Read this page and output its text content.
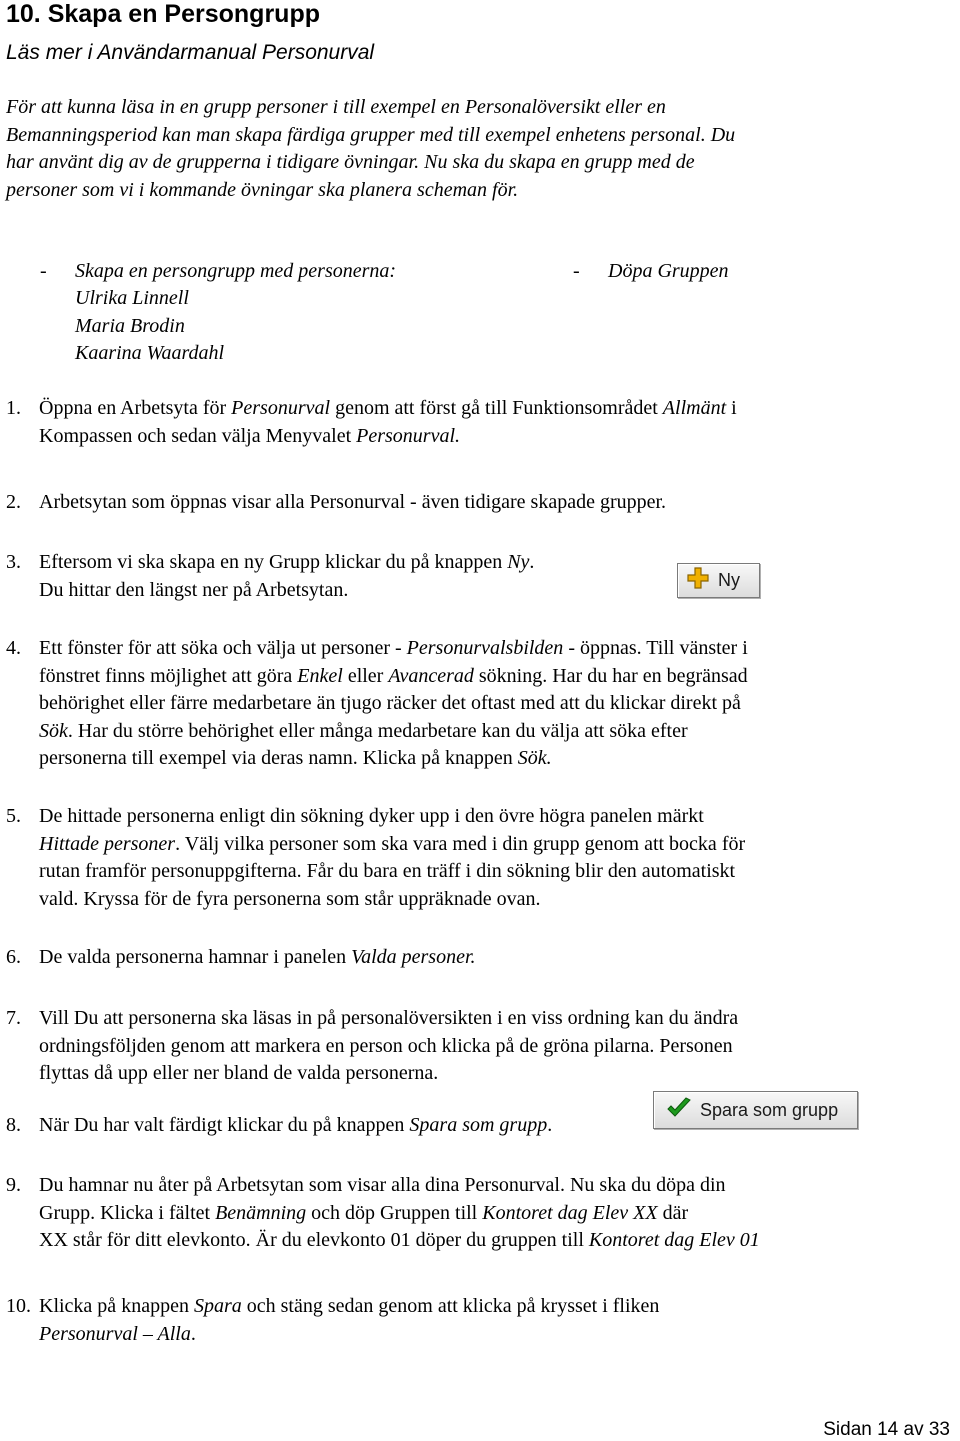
10. Skapa en Persongrupp
Läs mer i Användarmanual Personurval
För att kunna läsa in en grupp personer i till exempel en Personalöversikt eller en
Bemanningsperiod kan man skapa färdiga grupper med till exempel enhetens personal. Du
har använt dig av de grupperna i tidigare övningar. Nu ska du skapa en grupp med de
personer som vi i kommande övningar ska planera scheman för.
- Skapa en persongrupp med personerna:	- Döpa Gruppen
Ulrika Linnell
Maria Brodin
Kaarina Waardahl
1. Öppna en Arbetsyta för Personurval genom att först gå till Funktionsområdet Allmänt i
Kompassen och sedan välja Menyvalet Personurval.
2. Arbetsytan som öppnas visar alla Personurval - även tidigare skapade grupper.
3. Eftersom vi ska skapa en ny Grupp klickar du på knappen Ny.
Du hittar den längst ner på Arbetsytan.
4. Ett fönster för att söka och välja ut personer - Personurvalsbilden - öppnas. Till vänster i
fönstret finns möjlighet att göra Enkel eller Avancerad sökning. Har du har en begränsad
behörighet eller färre medarbetare än tjugo räcker det oftast med att du klickar direkt på
Sök. Har du större behörighet eller många medarbetare kan du välja att söka efter
personerna till exempel via deras namn. Klicka på knappen Sök.
5. De hittade personerna enligt din sökning dyker upp i den övre högra panelen märkt
Hittade personer. Välj vilka personer som ska vara med i din grupp genom att bocka för
rutan framför personuppgifterna. Får du bara en träff i din sökning blir den automatiskt
vald. Kryssa för de fyra personerna som står uppräknade ovan.
6. De valda personerna hamnar i panelen Valda personer.
7. Vill Du att personerna ska läsas in på personalöversikten i en viss ordning kan du ändra
ordningsföljden genom att markera en person och klicka på de gröna pilarna. Personen
flyttas då upp eller ner bland de valda personerna.
8. När Du har valt färdigt klickar du på knappen Spara som grupp.
9. Du hamnar nu åter på Arbetsytan som visar alla dina Personurval. Nu ska du döpa din
Grupp. Klicka i fältet Benämning och döp Gruppen till Kontoret dag Elev XX där
XX står för ditt elevkonto. Är du elevkonto 01 döper du gruppen till Kontoret dag Elev 01
10. Klicka på knappen Spara och stäng sedan genom att klicka på krysset i fliken
Personurval – Alla.
Ny
Spara som grupp
Sidan 14 av 33
